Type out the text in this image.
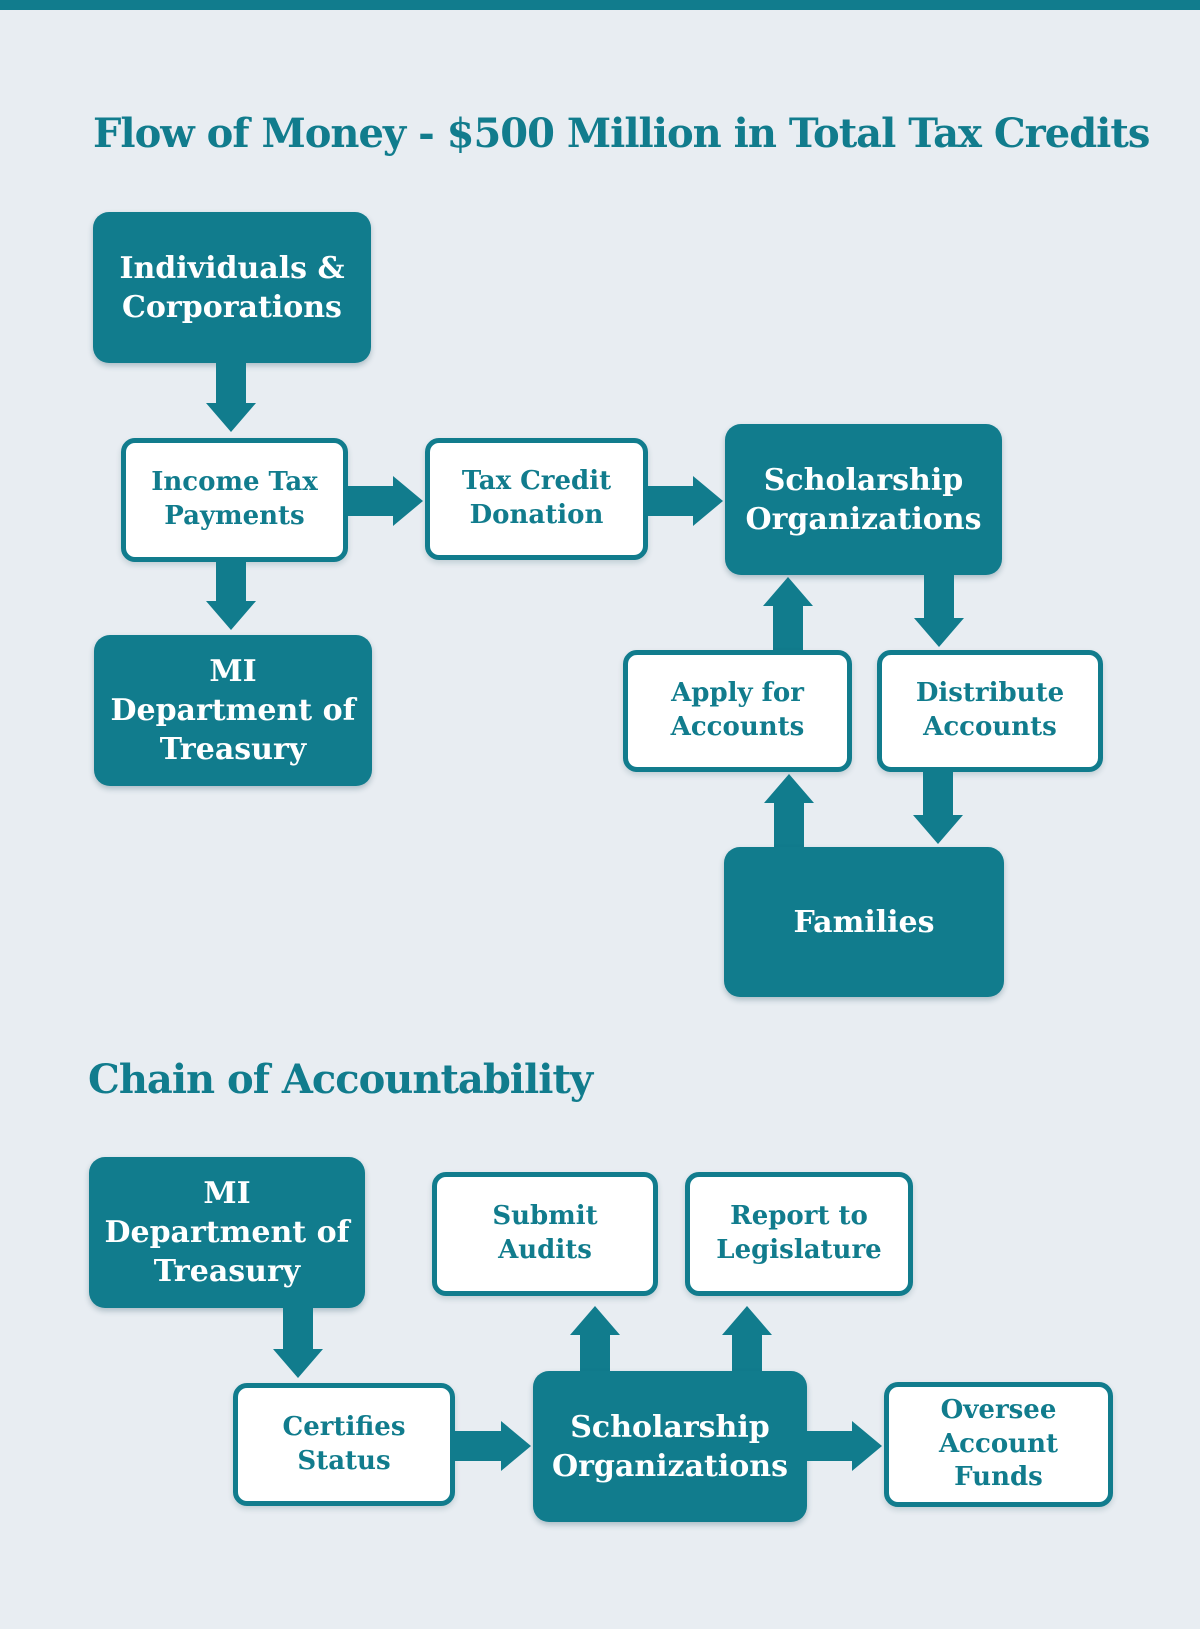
Flow of Money - $500 Million in Total Tax Credits
Individuals & Corporations
Income Tax Payments
Tax Credit Donation
Scholarship Organizations
MI Department of Treasury
Apply for Accounts
Distribute Accounts
Families
Chain of Accountability
MI Department of Treasury
Submit Audits
Report to Legislature
Certifies Status
Scholarship Organizations
Oversee Account Funds
